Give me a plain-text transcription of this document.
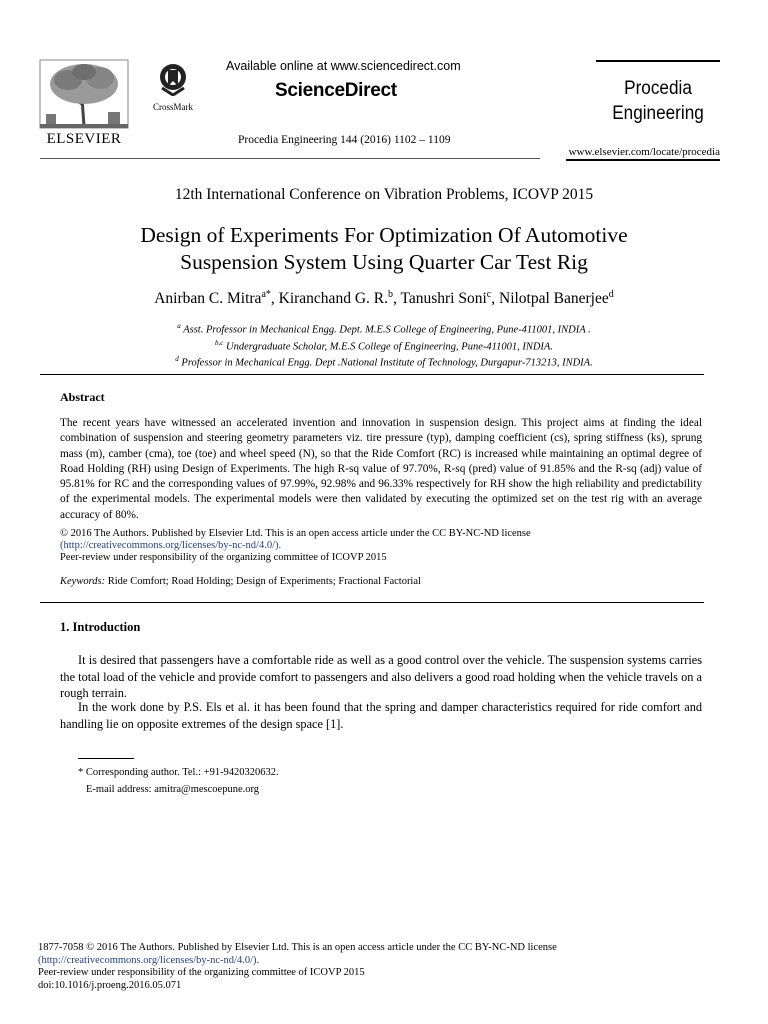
ELSEVIER
CrossMark
Available online at www.sciencedirect.com
ScienceDirect
Procedia Engineering 144 (2016) 1102 – 1109
Procedia
Engineering
www.elsevier.com/locate/procedia
12th International Conference on Vibration Problems, ICOVP 2015
Design of Experiments For Optimization Of Automotive
Suspension System Using Quarter Car Test Rig
Anirban C. Mitra$^{a*}$, Kiranchand G. R.$^b$, Tanushri Soni$^c$, Nilotpal Banerjee$^d$
$^a$ Asst. Professor in Mechanical Engg. Dept. M.E.S College of Engineering, Pune-411001, INDIA .
$^{b,c}$ Undergraduate Scholar, M.E.S College of Engineering, Pune-411001, INDIA.
$^d$ Professor in Mechanical Engg. Dept .National Institute of Technology, Durgapur-713213, INDIA.
Abstract
The recent years have witnessed an accelerated invention and innovation in suspension design. This project aims at finding the ideal combination of suspension and steering geometry parameters viz. tire pressure (typ), damping coefficient (cs), spring stiffness (ks), sprung mass (m), camber (cma), toe (toe) and wheel speed (N), so that the Ride Comfort (RC) is increased while maintaining an optimal degree of Road Holding (RH) using Design of Experiments. The high R-sq value of 97.70%, R-sq (pred) value of 91.85% and the R-sq (adj) value of 95.81% for RC and the corresponding values of 97.99%, 92.98% and 96.33% respectively for RH show the high reliability and predictability of the experimental models. The experimental models were then validated by executing the optimized set on the test rig with an average accuracy of 80%.
© 2016 The Authors. Published by Elsevier Ltd. This is an open access article under the CC BY-NC-ND license
(http://creativecommons.org/licenses/by-nc-nd/4.0/).
Peer-review under responsibility of the organizing committee of ICOVP 2015
Keywords: Ride Comfort; Road Holding; Design of Experiments; Fractional Factorial
1. Introduction
It is desired that passengers have a comfortable ride as well as a good control over the vehicle. The suspension systems carries the total load of the vehicle and provide comfort to passengers and also delivers a good road holding when the vehicle travels on a rough terrain.
In the work done by P.S. Els et al. it has been found that the spring and damper characteristics required for ride comfort and handling lie on opposite extremes of the design space [1].
* Corresponding author. Tel.: +91-9420320632.
E-mail address: amitra@mescoepune.org
1877-7058 © 2016 The Authors. Published by Elsevier Ltd. This is an open access article under the CC BY-NC-ND license
(http://creativecommons.org/licenses/by-nc-nd/4.0/).
Peer-review under responsibility of the organizing committee of ICOVP 2015
doi:10.1016/j.proeng.2016.05.071
